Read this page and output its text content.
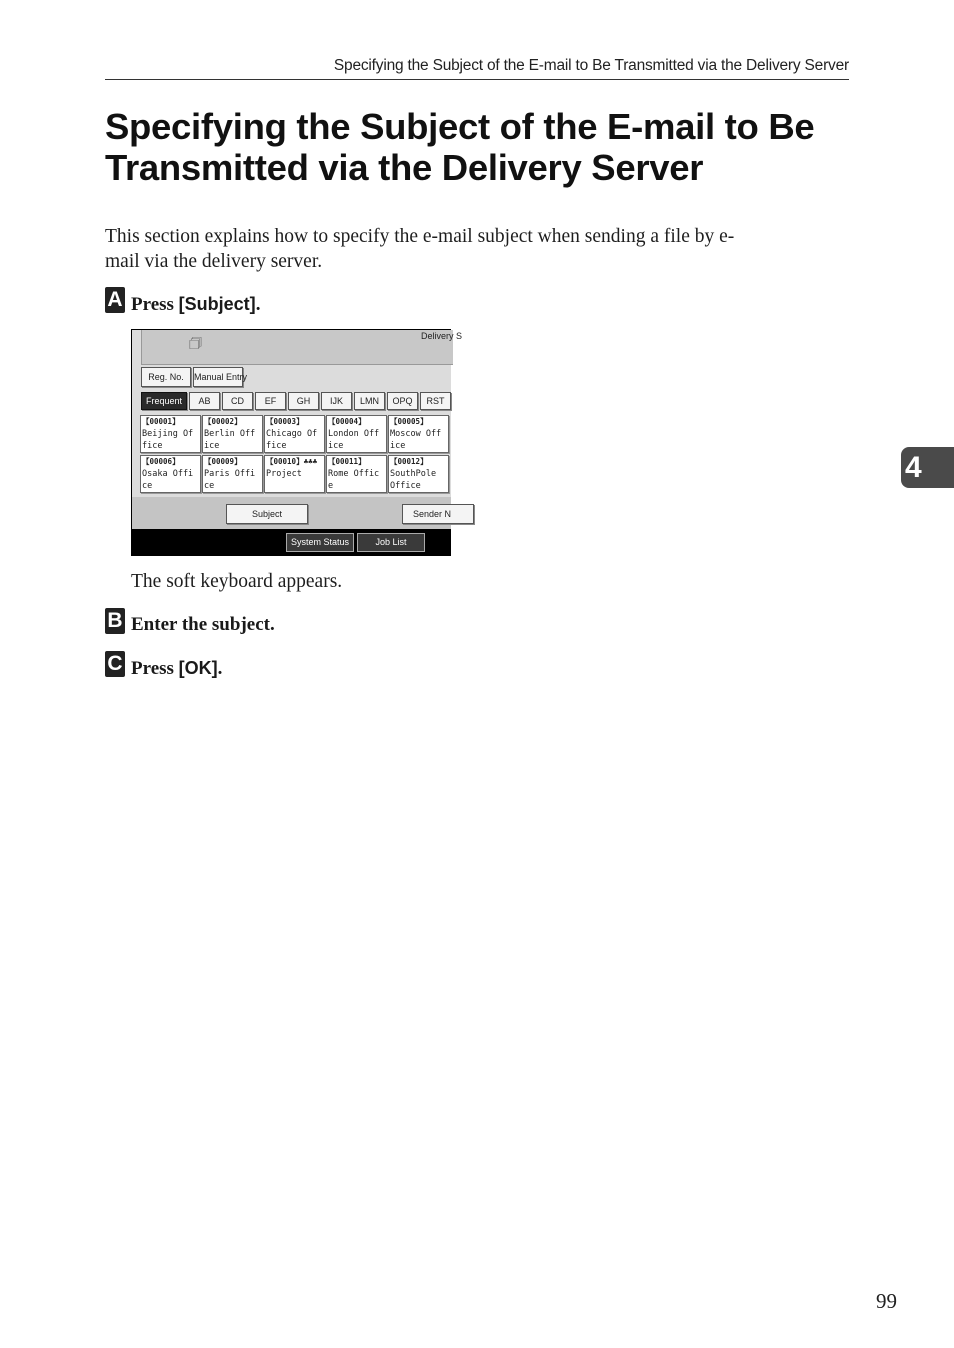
Specifying the Subject of the E-mail to Be Transmitted via the Delivery Server
Specifying the Subject of the E-mail to Be
Transmitted via the Delivery Server

This section explains how to specify the e-mail subject when sending a file by e-
mail via the delivery server.

A Press [Subject].
🗇	Delivery S
Reg. No.	Manual Entry
Frequent	AB	CD	EF	GH	IJK	LMN	OPQ	RST
【00001】
Beijing Of
fice
【00002】
Berlin Off
ice
【00003】
Chicago Of
fice
【00004】
London Off
ice
【00005】
Moscow Off
ice
【00006】
Osaka Offi
ce
【00009】
Paris Offi
ce
【00010】♣♣♣
Project
【00011】
Rome Offic
e
【00012】
SouthPole
Office
Subject	Sender N
System Status	Job List
The soft keyboard appears.
B Enter the subject.
C Press [OK].
4
99
